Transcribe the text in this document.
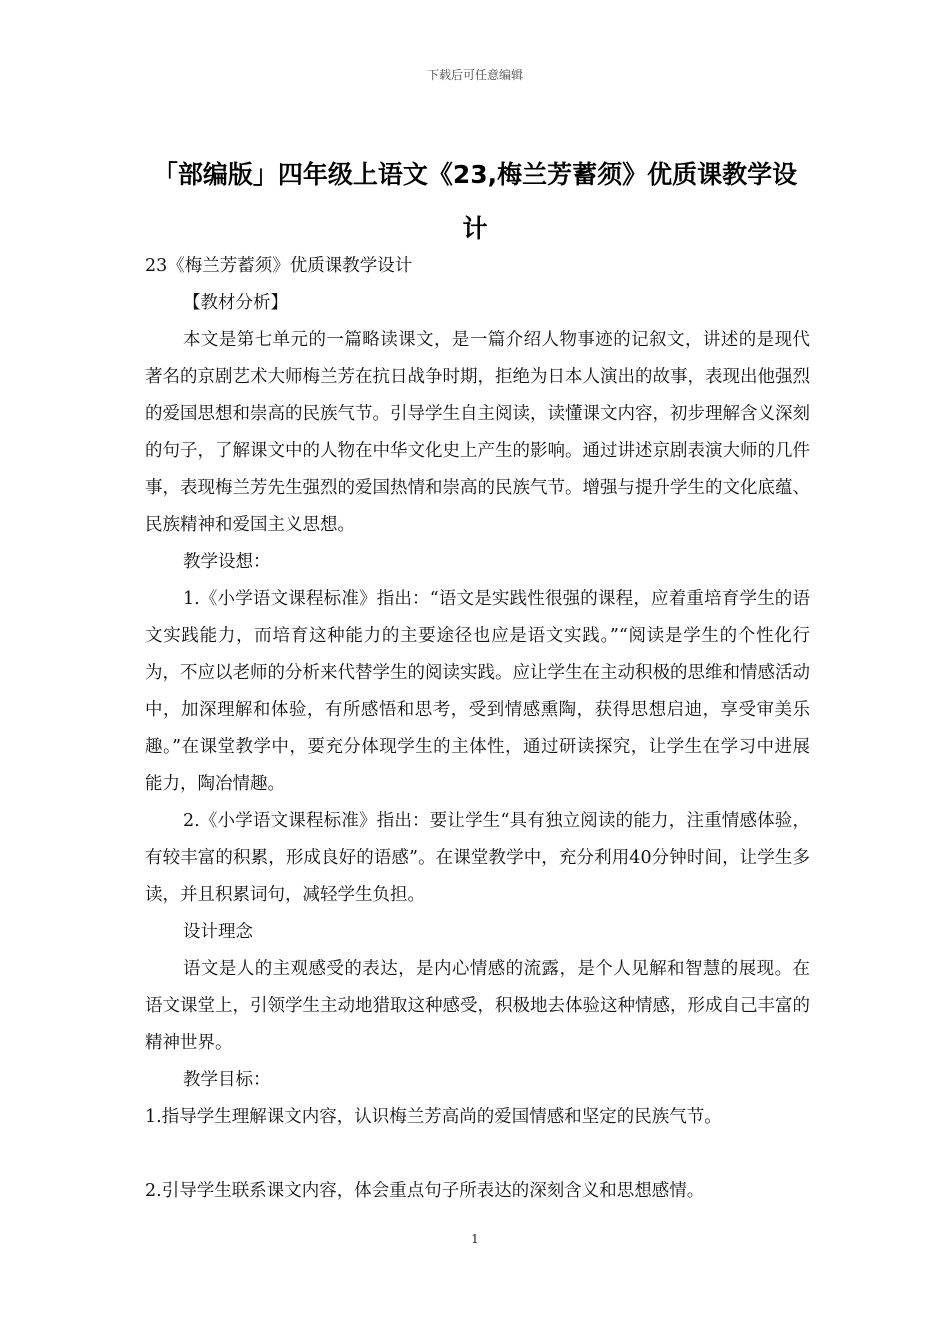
下载后可任意编辑
「部编版」四年级上语文《23,梅兰芳蓄须》优质课教学设计

23《梅兰芳蓄须》优质课教学设计

【教材分析】

本文是第七单元的一篇略读课文，是一篇介绍人物事迹的记叙文，讲述的是现代著名的京剧艺术大师梅兰芳在抗日战争时期，拒绝为日本人演出的故事，表现出他强烈的爱国思想和崇高的民族气节。引导学生自主阅读，读懂课文内容，初步理解含义深刻的句子，了解课文中的人物在中华文化史上产生的影响。通过讲述京剧表演大师的几件事，表现梅兰芳先生强烈的爱国热情和崇高的民族气节。增强与提升学生的文化底蕴、民族精神和爱国主义思想。

教学设想：

1.《小学语文课程标准》指出：“语文是实践性很强的课程，应着重培育学生的语文实践能力，而培育这种能力的主要途径也应是语文实践。”“阅读是学生的个性化行为，不应以老师的分析来代替学生的阅读实践。应让学生在主动积极的思维和情感活动中，加深理解和体验，有所感悟和思考，受到情感熏陶，获得思想启迪，享受审美乐趣。”在课堂教学中，要充分体现学生的主体性，通过研读探究，让学生在学习中进展能力，陶冶情趣。

2.《小学语文课程标准》指出：要让学生“具有独立阅读的能力，注重情感体验，有较丰富的积累，形成良好的语感”。在课堂教学中，充分利用40分钟时间，让学生多读，并且积累词句，减轻学生负担。

设计理念

语文是人的主观感受的表达，是内心情感的流露，是个人见解和智慧的展现。在语文课堂上，引领学生主动地猎取这种感受，积极地去体验这种情感，形成自己丰富的精神世界。

教学目标：

1.指导学生理解课文内容，认识梅兰芳高尚的爱国情感和坚定的民族气节。

2.引导学生联系课文内容，体会重点句子所表达的深刻含义和思想感情。

1
